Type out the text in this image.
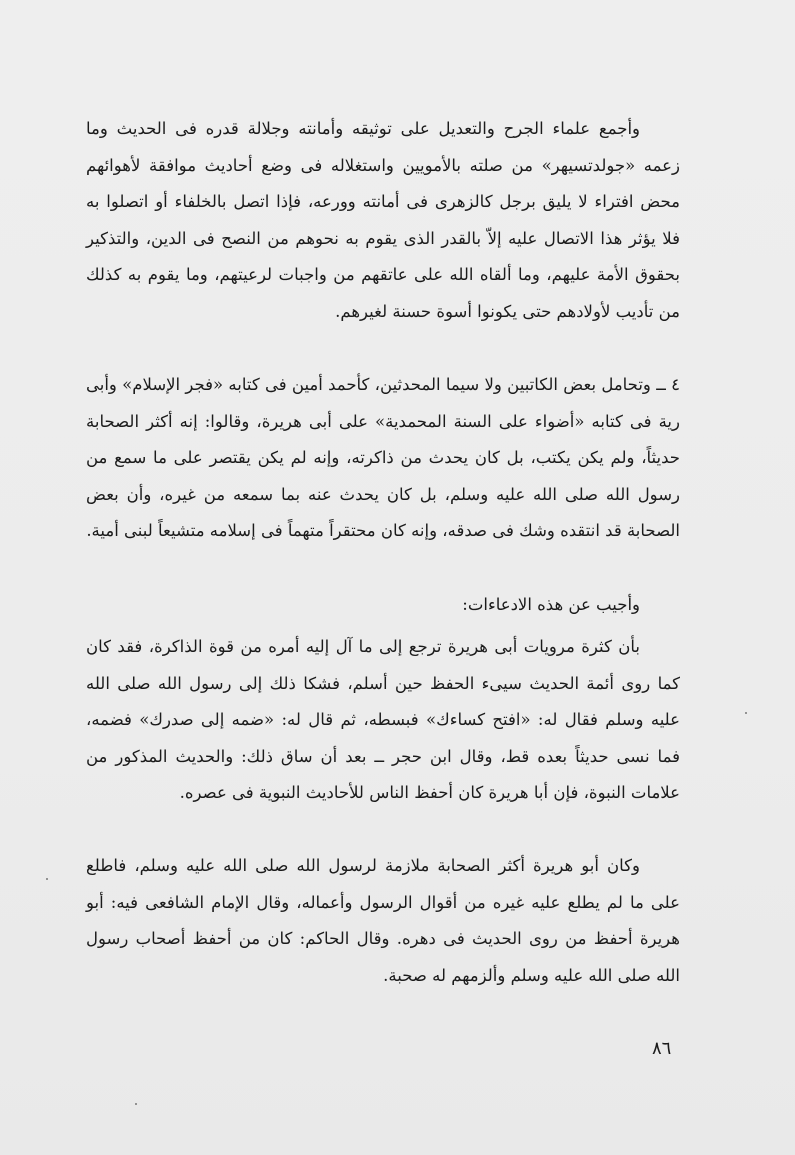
وأجمع علماء الجرح والتعديل على توثيقه وأمانته وجلالة قدره فى الحديث وما زعمه «جولدتسيهر» من صلته بالأمويين واستغلاله فى وضع أحاديث موافقة لأهوائهم محض افتراء لا يليق برجل كالزهرى فى أمانته وورعه، فإذا اتصل بالخلفاء أو اتصلوا به فلا يؤثر هذا الاتصال عليه إلاّ بالقدر الذى يقوم به نحوهم من النصح فى الدين، والتذكير بحقوق الأمة عليهم، وما ألقاه الله على عاتقهم من واجبات لرعيتهم، وما يقوم به كذلك من تأديب لأولادهم حتى يكونوا أسوة حسنة لغيرهم.

٤ ــ وتحامل بعض الكاتبين ولا سيما المحدثين، كأحمد أمين فى كتابه «فجر الإسلام» وأبى رية فى كتابه «أضواء على السنة المحمدية» على أبى هريرة، وقالوا: إنه أكثر الصحابة حديثاً، ولم يكن يكتب، بل كان يحدث من ذاكرته، وإنه لم يكن يقتصر على ما سمع من رسول الله صلى الله عليه وسلم، بل كان يحدث عنه بما سمعه من غيره، وأن بعض الصحابة قد انتقده وشك فى صدقه، وإنه كان محتقراً متهماً فى إسلامه متشيعاً لبنى أمية.

وأجيب عن هذه الادعاءات:

بأن كثرة مرويات أبى هريرة ترجع إلى ما آل إليه أمره من قوة الذاكرة، فقد كان كما روى أئمة الحديث سيىء الحفظ حين أسلم، فشكا ذلك إلى رسول الله صلى الله عليه وسلم فقال له: «افتح كساءك» فبسطه، ثم قال له: «ضمه إلى صدرك» فضمه، فما نسى حديثاً بعده قط، وقال ابن حجر ــ بعد أن ساق ذلك: والحديث المذكور من علامات النبوة، فإن أبا هريرة كان أحفظ الناس للأحاديث النبوية فى عصره.

وكان أبو هريرة أكثر الصحابة ملازمة لرسول الله صلى الله عليه وسلم، فاطلع على ما لم يطلع عليه غيره من أقوال الرسول وأعماله، وقال الإمام الشافعى فيه: أبو هريرة أحفظ من روى الحديث فى دهره. وقال الحاكم: كان من أحفظ أصحاب رسول الله صلى الله عليه وسلم وألزمهم له صحبة.

٨٦
